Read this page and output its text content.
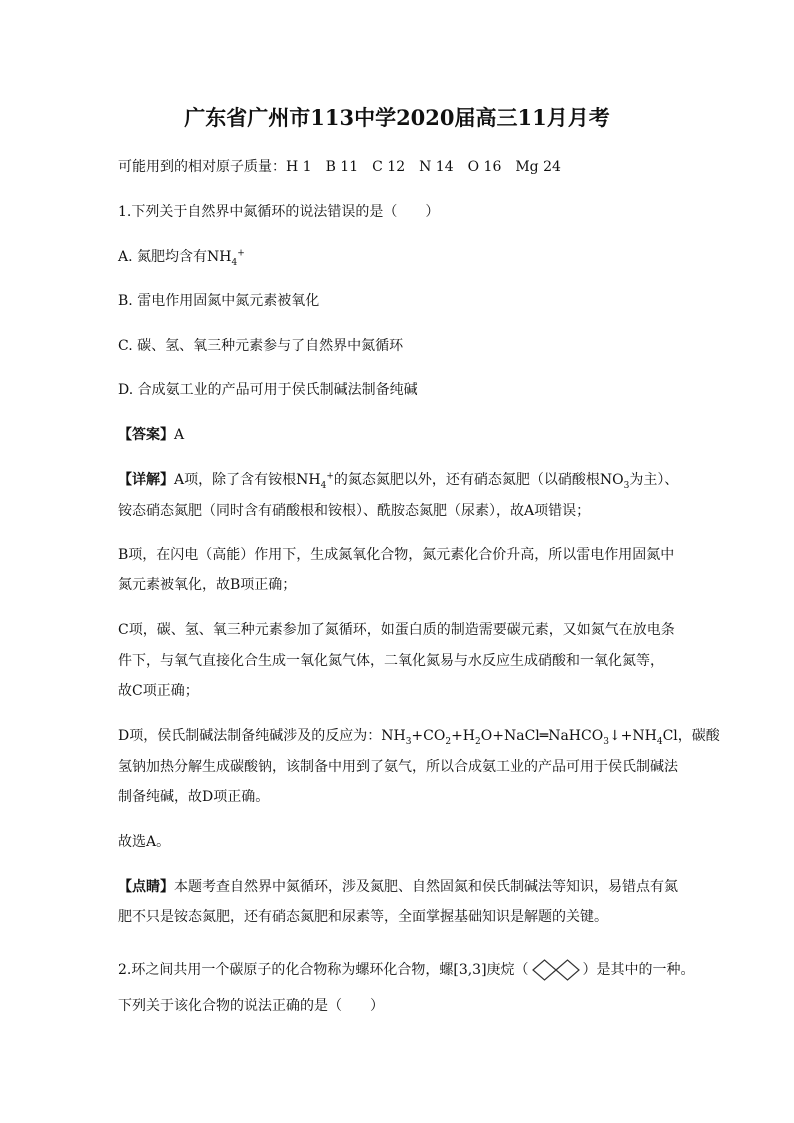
广东省广州市113中学2020届高三11月月考
可能用到的相对原子质量：H 1　B 11　C 12　N 14　O 16　Mg 24
1.下列关于自然界中氮循环的说法错误的是（　　）
A. 氮肥均含有$NH_4^+$
B. 雷电作用固氮中氮元素被氧化
C. 碳、氢、氧三种元素参与了自然界中氮循环
D. 合成氨工业的产品可用于侯氏制碱法制备纯碱
【答案】A
【详解】A项，除了含有铵根$NH_4^+$的氮态氮肥以外，还有硝态氮肥（以硝酸根$NO_3$为主）、
铵态硝态氮肥（同时含有硝酸根和铵根）、酰胺态氮肥（尿素），故A项错误；
B项，在闪电（高能）作用下，生成氮氧化合物，氮元素化合价升高，所以雷电作用固氮中
氮元素被氧化，故B项正确；
C项，碳、氢、氧三种元素参加了氮循环，如蛋白质的制造需要碳元素，又如氮气在放电条
件下，与氧气直接化合生成一氧化氮气体，二氧化氮易与水反应生成硝酸和一氧化氮等，
故C项正确；
D项，侯氏制碱法制备纯碱涉及的反应为：$NH_3+CO_2+H_2O+NaCl═NaHCO_3↓+NH_4Cl$，碳酸
氢钠加热分解生成碳酸钠，该制备中用到了氨气，所以合成氨工业的产品可用于侯氏制碱法
制备纯碱，故D项正确。
故选A。
【点睛】本题考查自然界中氮循环，涉及氮肥、自然固氮和侯氏制碱法等知识，易错点有氮
肥不只是铵态氮肥，还有硝态氮肥和尿素等，全面掌握基础知识是解题的关键。
2.环之间共用一个碳原子的化合物称为螺环化合物，螺[3,3]庚烷（	）是其中的一种。
下列关于该化合物的说法正确的是（　　）
